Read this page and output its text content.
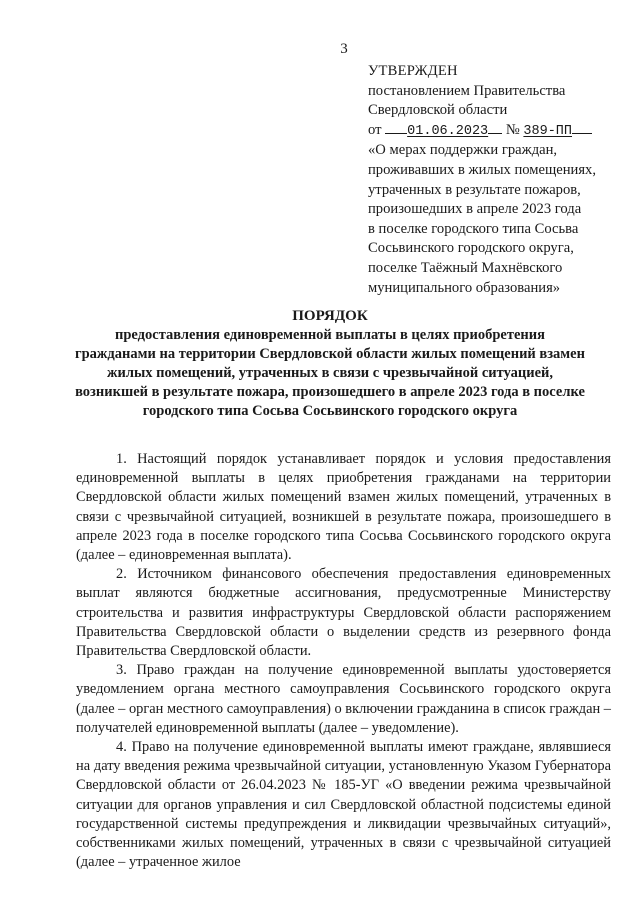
3
УТВЕРЖДЕН
постановлением Правительства
Свердловской области
от 01.06.2023 № 389-ПП
«О мерах поддержки граждан,
проживавших в жилых помещениях,
утраченных в результате пожаров,
произошедших в апреле 2023 года
в поселке городского типа Сосьва
Сосьвинского городского округа,
поселке Таёжный Махнёвского
муниципального образования»
ПОРЯДОК
предоставления единовременной выплаты в целях приобретения
гражданами на территории Свердловской области жилых помещений взамен
жилых помещений, утраченных в связи с чрезвычайной ситуацией,
возникшей в результате пожара, произошедшего в апреле 2023 года в поселке
городского типа Сосьва Сосьвинского городского округа

1. Настоящий порядок устанавливает порядок и условия предоставления единовременной выплаты в целях приобретения гражданами на территории Свердловской области жилых помещений взамен жилых помещений, утраченных в связи с чрезвычайной ситуацией, возникшей в результате пожара, произошедшего в апреле 2023 года в поселке городского типа Сосьва Сосьвинского городского округа (далее – единовременная выплата).

2. Источником финансового обеспечения предоставления единовременных выплат являются бюджетные ассигнования, предусмотренные Министерству строительства и развития инфраструктуры Свердловской области распоряжением Правительства Свердловской области о выделении средств из резервного фонда Правительства Свердловской области.

3. Право граждан на получение единовременной выплаты удостоверяется уведомлением органа местного самоуправления Сосьвинского городского округа (далее – орган местного самоуправления) о включении гражданина в список граждан – получателей единовременной выплаты (далее – уведомление).

4. Право на получение единовременной выплаты имеют граждане, являвшиеся на дату введения режима чрезвычайной ситуации, установленную Указом Губернатора Свердловской области от 26.04.2023 № 185-УГ «О введении режима чрезвычайной ситуации для органов управления и сил Свердловской областной подсистемы единой государственной системы предупреждения и ликвидации чрезвычайных ситуаций», собственниками жилых помещений, утраченных в связи с чрезвычайной ситуацией (далее – утраченное жилое
